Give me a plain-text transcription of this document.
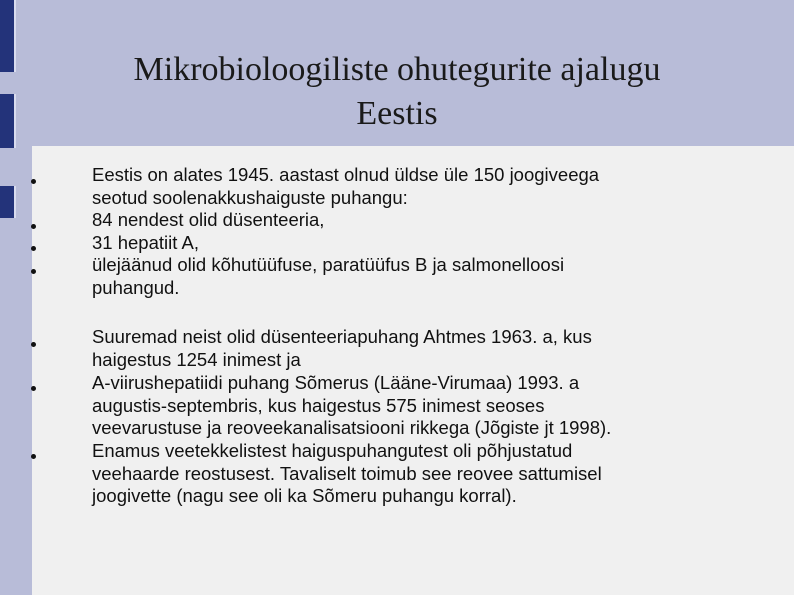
Mikrobioloogiliste ohutegurite ajalugu
Eestis
Eestis on alates 1945. aastast olnud üldse üle 150 joogiveega
seotud soolenakkushaiguste puhangu:
84 nendest olid düsenteeria,
31 hepatiit A,
ülejäänud olid kõhutüüfuse, paratüüfus B ja salmonelloosi
puhangud.
Suuremad neist olid düsenteeriapuhang Ahtmes 1963. a, kus
haigestus 1254 inimest ja
A-viirushepatiidi puhang Sõmerus (Lääne-Virumaa) 1993. a
augustis-septembris, kus haigestus 575 inimest seoses
veevarustuse ja reoveekanalisatsiooni rikkega (Jõgiste jt 1998).
Enamus veetekkelistest haiguspuhangutest oli põhjustatud
veehaarde reostusest. Tavaliselt toimub see reovee sattumisel
joogivette (nagu see oli ka Sõmeru puhangu korral).
